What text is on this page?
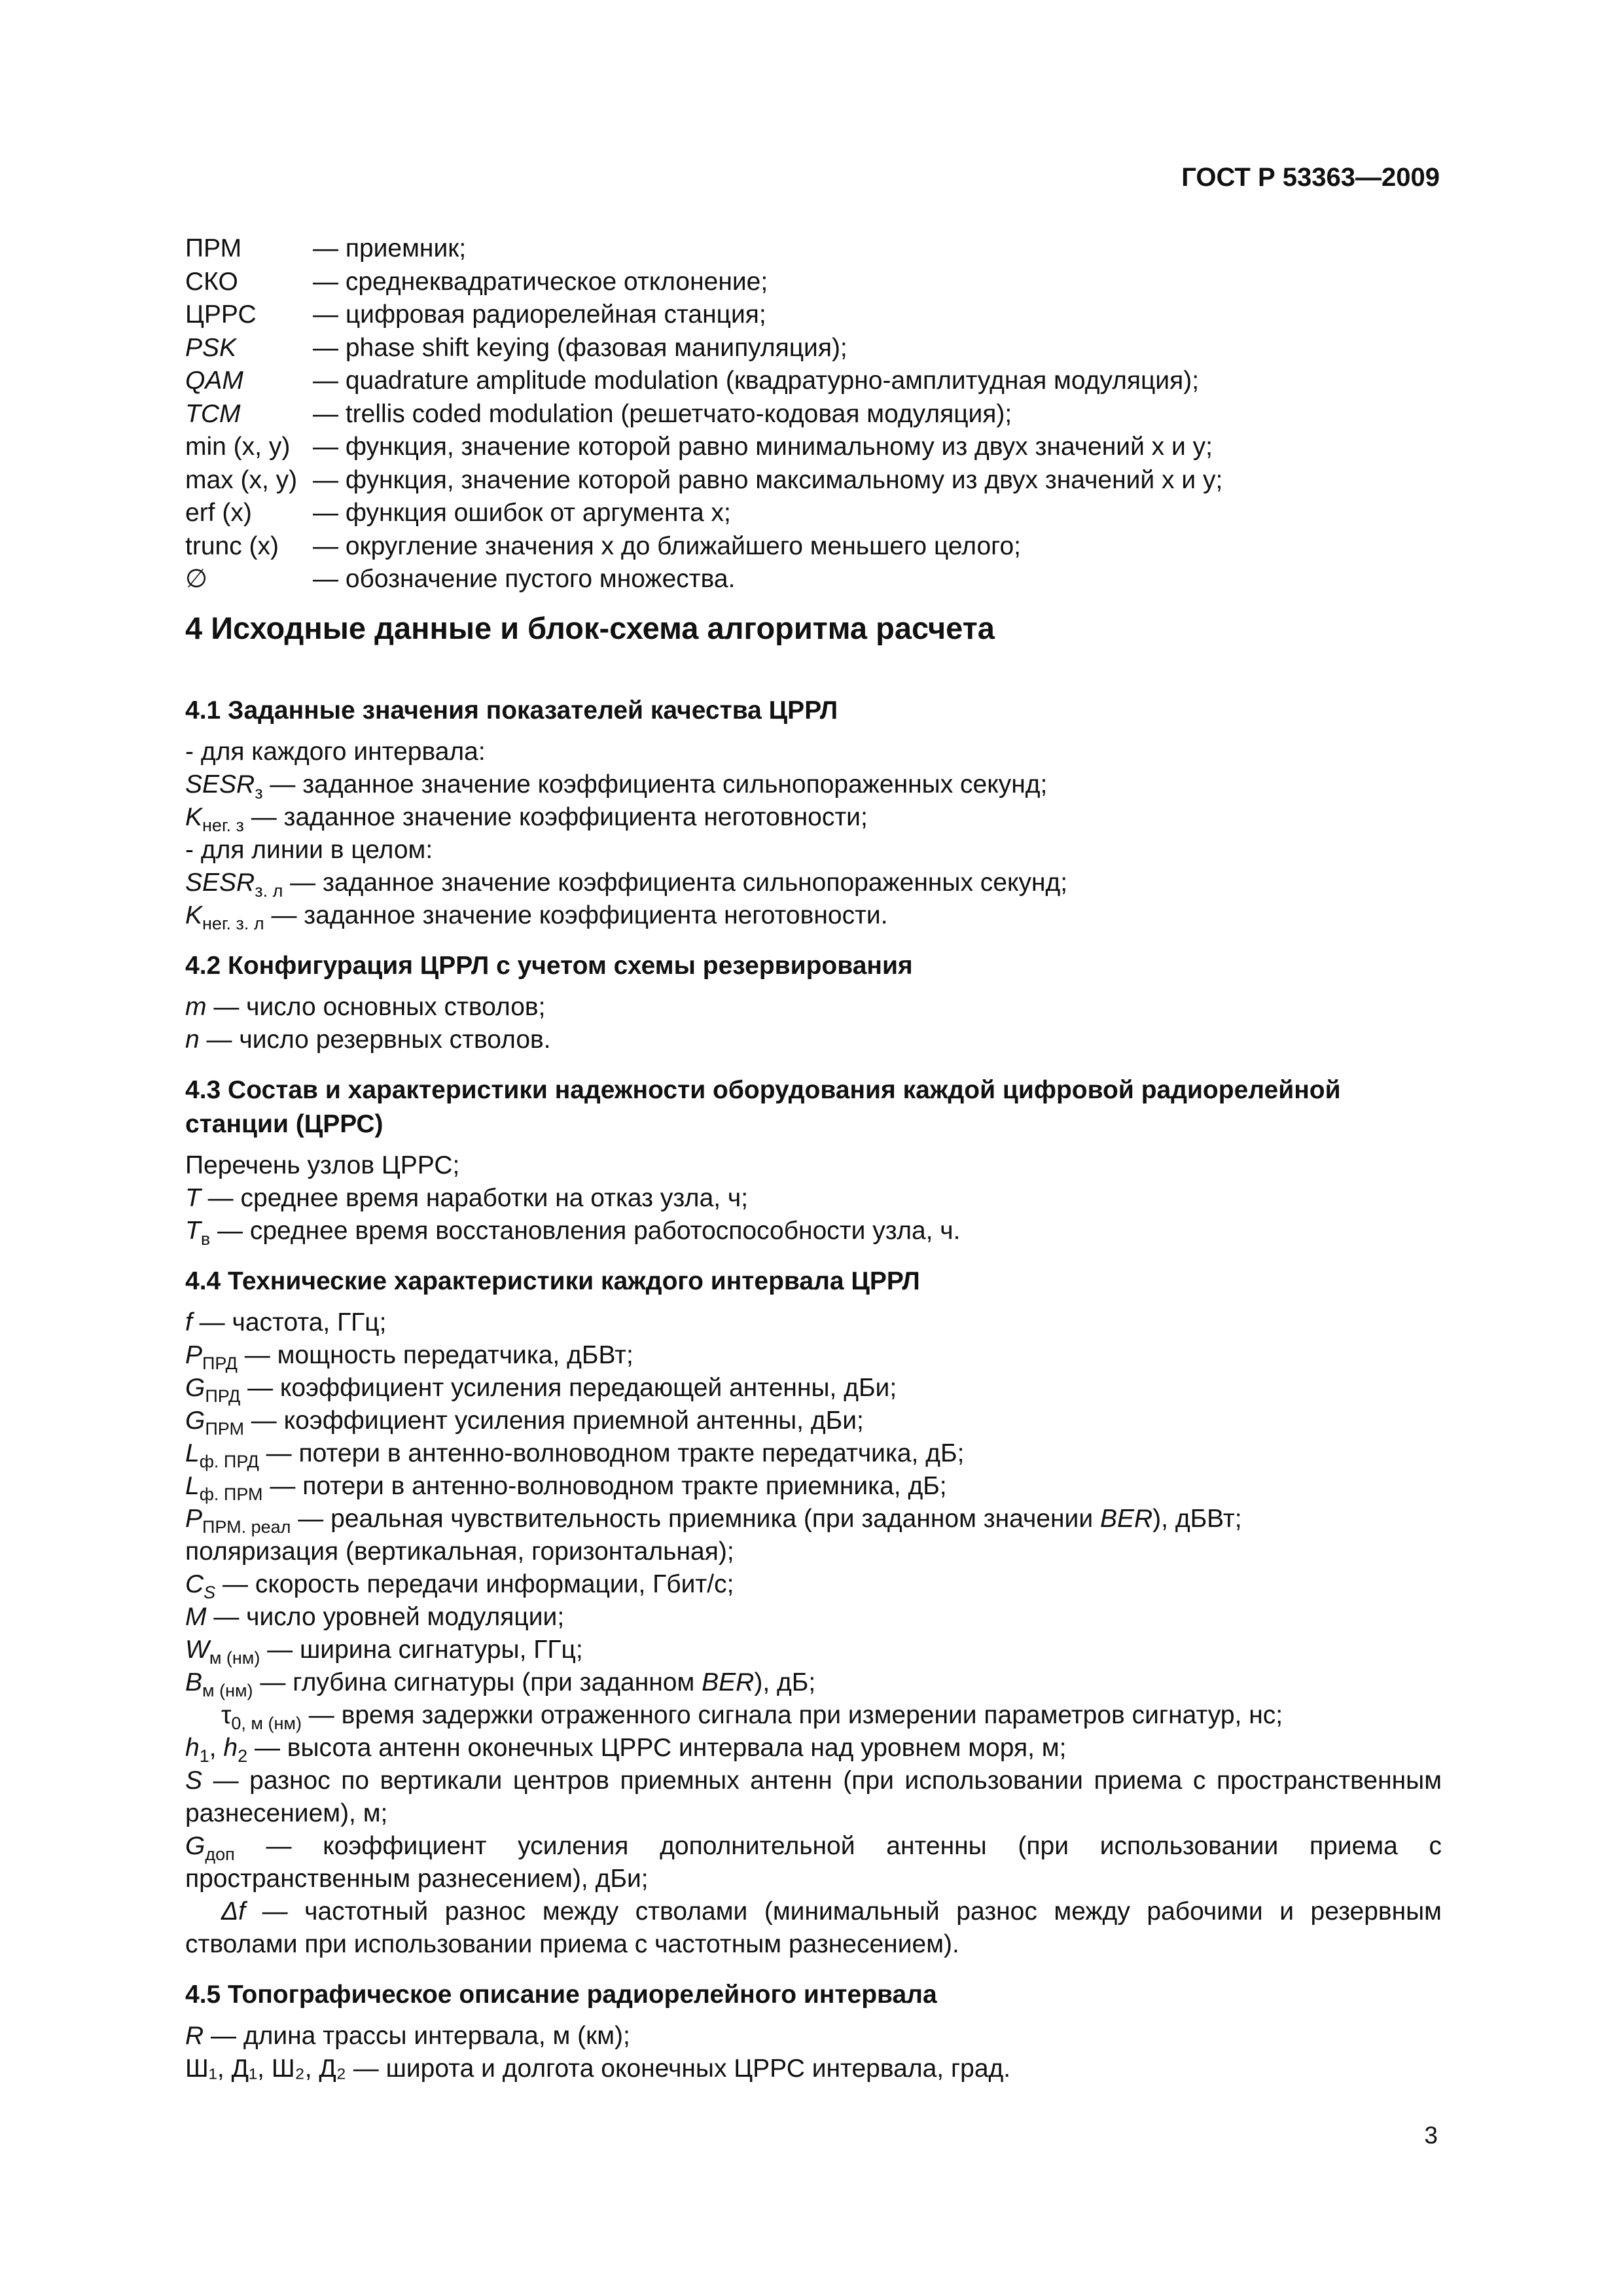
ГОСТ Р 53363—2009
ПРМ	— приемник;
СКО	— среднеквадратическое отклонение;
ЦРРС	— цифровая радиорелейная станция;
PSK	— phase shift keying (фазовая манипуляция);
QAM	— quadrature amplitude modulation (квадратурно-амплитудная модуляция);
TCM	— trellis coded modulation (решетчато-кодовая модуляция);
min (x, y) — функция, значение которой равно минимальному из двух значений x и y;
max (x, y) — функция, значение которой равно максимальному из двух значений x и y;
erf (x)	— функция ошибок от аргумента x;
trunc (x)	— округление значения x до ближайшего меньшего целого;
∅	— обозначение пустого множества.
4 Исходные данные и блок-схема алгоритма расчета
4.1 Заданные значения показателей качества ЦРРЛ
- для каждого интервала:
$SESR_з$ — заданное значение коэффициента сильнопораженных секунд;
$K_{нег. з}$ — заданное значение коэффициента неготовности;
- для линии в целом:
$SESR_{з. л}$ — заданное значение коэффициента сильнопораженных секунд;
$K_{нег. з. л}$ — заданное значение коэффициента неготовности.
4.2 Конфигурация ЦРРЛ с учетом схемы резервирования
m — число основных стволов;
n — число резервных стволов.
4.3 Состав и характеристики надежности оборудования каждой цифровой радиорелейной станции (ЦРРС)
Перечень узлов ЦРРС;
T — среднее время наработки на отказ узла, ч;
$T_в$ — среднее время восстановления работоспособности узла, ч.
4.4 Технические характеристики каждого интервала ЦРРЛ
f — частота, ГГц;
$P_{ПРД}$ — мощность передатчика, дБВт;
$G_{ПРД}$ — коэффициент усиления передающей антенны, дБи;
$G_{ПРМ}$ — коэффициент усиления приемной антенны, дБи;
$L_{ф. ПРД}$ — потери в антенно-волноводном тракте передатчика, дБ;
$L_{ф. ПРМ}$ — потери в антенно-волноводном тракте приемника, дБ;
$P_{ПРМ. реал}$ — реальная чувствительность приемника (при заданном значении BER), дБВт;
поляризация (вертикальная, горизонтальная);
$C_S$ — скорость передачи информации, Гбит/с;
M — число уровней модуляции;
$W_{м (нм)}$ — ширина сигнатуры, ГГц;
$B_{м (нм)}$ — глубина сигнатуры (при заданном BER), дБ;
$\tau_{0, м (нм)}$ — время задержки отраженного сигнала при измерении параметров сигнатур, нс;
$h_1$, $h_2$ — высота антенн оконечных ЦРРС интервала над уровнем моря, м;
S — разнос по вертикали центров приемных антенн (при использовании приема с пространственным разнесением), м;
$G_{доп}$ — коэффициент усиления дополнительной антенны (при использовании приема с пространственным разнесением), дБи;
Δf — частотный разнос между стволами (минимальный разнос между рабочими и резервным стволами при использовании приема с частотным разнесением).
4.5 Топографическое описание радиорелейного интервала
R — длина трассы интервала, м (км);
Ш₁, Д₁, Ш₂, Д₂ — широта и долгота оконечных ЦРРС интервала, град.
3
